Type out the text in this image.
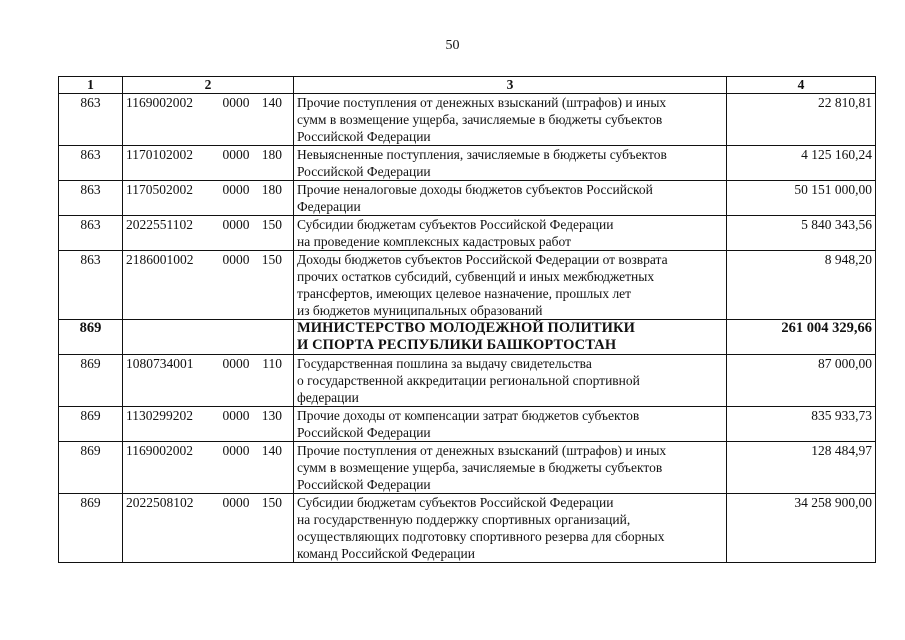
50
1	2	3	4
863	1169002002 0000 140	Прочие поступления от денежных взысканий (штрафов) и иных
сумм в возмещение ущерба, зачисляемые в бюджеты субъектов
Российской Федерации	22 810,81
863	1170102002 0000 180	Невыясненные поступления, зачисляемые в бюджеты субъектов
Российской Федерации	4 125 160,24
863	1170502002 0000 180	Прочие неналоговые доходы бюджетов субъектов Российской
Федерации	50 151 000,00
863	2022551102 0000 150	Субсидии бюджетам субъектов Российской Федерации
на проведение комплексных кадастровых работ	5 840 343,56
863	2186001002 0000 150	Доходы бюджетов субъектов Российской Федерации от возврата
прочих остатков субсидий, субвенций и иных межбюджетных
трансфертов, имеющих целевое назначение, прошлых лет
из бюджетов муниципальных образований	8 948,20
869		МИНИСТЕРСТВО МОЛОДЕЖНОЙ ПОЛИТИКИ
И СПОРТА РЕСПУБЛИКИ БАШКОРТОСТАН	261 004 329,66
869	1080734001 0000 110	Государственная пошлина за выдачу свидетельства
о государственной аккредитации региональной спортивной
федерации	87 000,00
869	1130299202 0000 130	Прочие доходы от компенсации затрат бюджетов субъектов
Российской Федерации	835 933,73
869	1169002002 0000 140	Прочие поступления от денежных взысканий (штрафов) и иных
сумм в возмещение ущерба, зачисляемые в бюджеты субъектов
Российской Федерации	128 484,97
869	2022508102 0000 150	Субсидии бюджетам субъектов Российской Федерации
на государственную поддержку спортивных организаций,
осуществляющих подготовку спортивного резерва для сборных
команд Российской Федерации	34 258 900,00
